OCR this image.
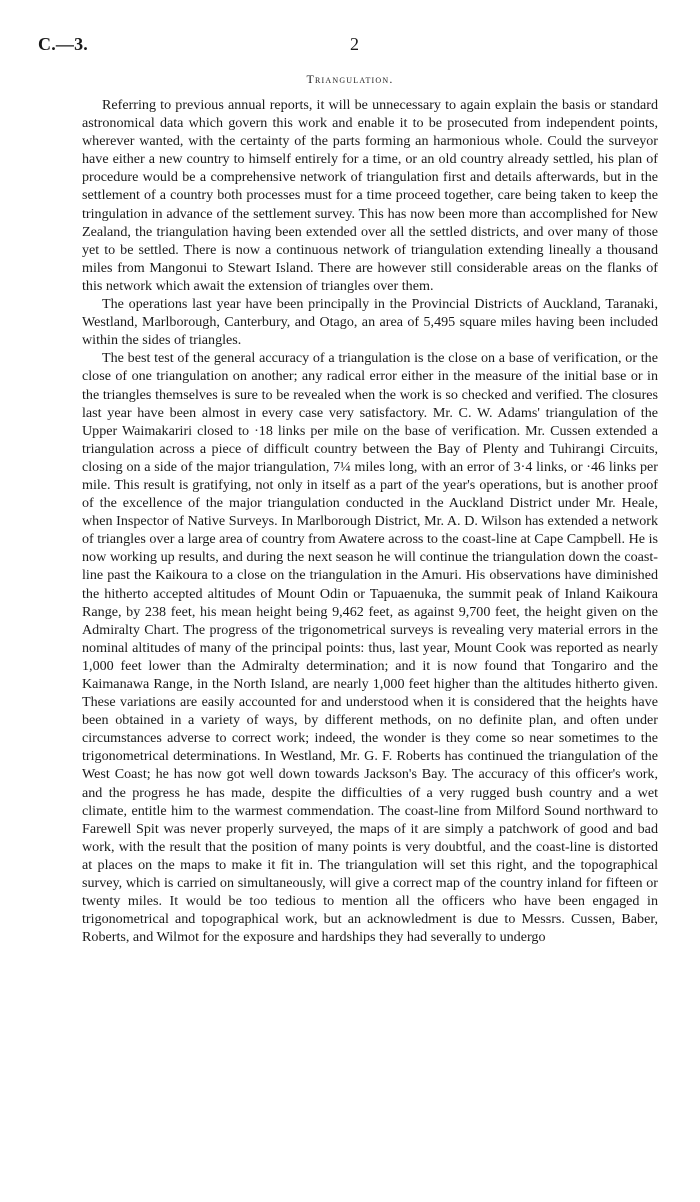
C.—3.	2
Triangulation.

Referring to previous annual reports, it will be unnecessary to again explain the basis or standard astronomical data which govern this work and enable it to be prosecuted from independent points, wherever wanted, with the certainty of the parts forming an harmonious whole. Could the surveyor have either a new country to himself entirely for a time, or an old country already settled, his plan of procedure would be a comprehensive network of triangulation first and details afterwards, but in the settlement of a country both processes must for a time proceed together, care being taken to keep the tringulation in advance of the settlement survey. This has now been more than accomplished for New Zealand, the triangulation having been extended over all the settled districts, and over many of those yet to be settled. There is now a continuous network of triangulation extending lineally a thousand miles from Mangonui to Stewart Island. There are however still considerable areas on the flanks of this network which await the extension of triangles over them.

The operations last year have been principally in the Provincial Districts of Auckland, Taranaki, Westland, Marlborough, Canterbury, and Otago, an area of 5,495 square miles having been included within the sides of triangles.

The best test of the general accuracy of a triangulation is the close on a base of verification, or the close of one triangulation on another; any radical error either in the measure of the initial base or in the triangles themselves is sure to be revealed when the work is so checked and verified. The closures last year have been almost in every case very satisfactory. Mr. C. W. Adams' triangulation of the Upper Waimakariri closed to ·18 links per mile on the base of verification. Mr. Cussen extended a triangulation across a piece of difficult country between the Bay of Plenty and Tuhirangi Circuits, closing on a side of the major triangulation, 7¼ miles long, with an error of 3·4 links, or ·46 links per mile. This result is gratifying, not only in itself as a part of the year's operations, but is another proof of the excellence of the major triangulation conducted in the Auckland District under Mr. Heale, when Inspector of Native Surveys. In Marlborough District, Mr. A. D. Wilson has extended a network of triangles over a large area of country from Awatere across to the coast-line at Cape Campbell. He is now working up results, and during the next season he will continue the triangulation down the coast-line past the Kaikoura to a close on the triangulation in the Amuri. His observations have diminished the hitherto accepted altitudes of Mount Odin or Tapuaenuka, the summit peak of Inland Kaikoura Range, by 238 feet, his mean height being 9,462 feet, as against 9,700 feet, the height given on the Admiralty Chart. The progress of the trigonometrical surveys is revealing very material errors in the nominal altitudes of many of the principal points: thus, last year, Mount Cook was reported as nearly 1,000 feet lower than the Admiralty determination; and it is now found that Tongariro and the Kaimanawa Range, in the North Island, are nearly 1,000 feet higher than the altitudes hitherto given. These variations are easily accounted for and understood when it is considered that the heights have been obtained in a variety of ways, by different methods, on no definite plan, and often under circumstances adverse to correct work; indeed, the wonder is they come so near sometimes to the trigonometrical determinations. In Westland, Mr. G. F. Roberts has continued the triangulation of the West Coast; he has now got well down towards Jackson's Bay. The accuracy of this officer's work, and the progress he has made, despite the difficulties of a very rugged bush country and a wet climate, entitle him to the warmest commendation. The coast-line from Milford Sound northward to Farewell Spit was never properly surveyed, the maps of it are simply a patchwork of good and bad work, with the result that the position of many points is very doubtful, and the coast-line is distorted at places on the maps to make it fit in. The triangulation will set this right, and the topographical survey, which is carried on simultaneously, will give a correct map of the country inland for fifteen or twenty miles. It would be too tedious to mention all the officers who have been engaged in trigonometrical and topographical work, but an acknowledment is due to Messrs. Cussen, Baber, Roberts, and Wilmot for the exposure and hardships they had severally to undergo
